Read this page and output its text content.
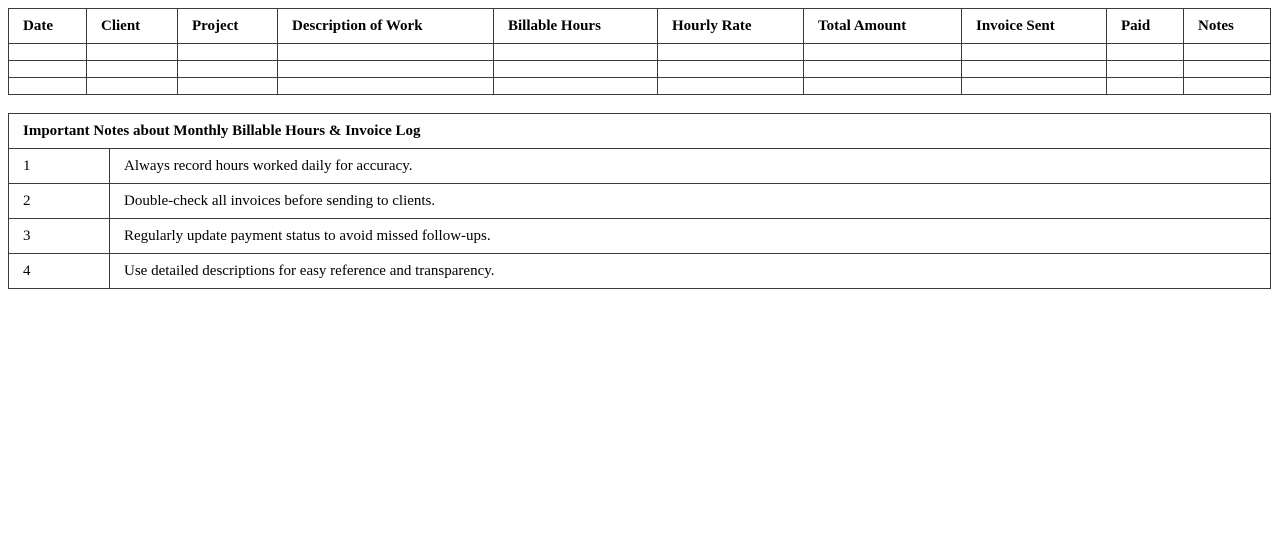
Date	Client	Project	Description of Work	Billable Hours	Hourly Rate	Total Amount	Invoice Sent	Paid	Notes

Important Notes about Monthly Billable Hours & Invoice Log	
1	Always record hours worked daily for accuracy.
2	Double-check all invoices before sending to clients.
3	Regularly update payment status to avoid missed follow-ups.
4	Use detailed descriptions for easy reference and transparency.
